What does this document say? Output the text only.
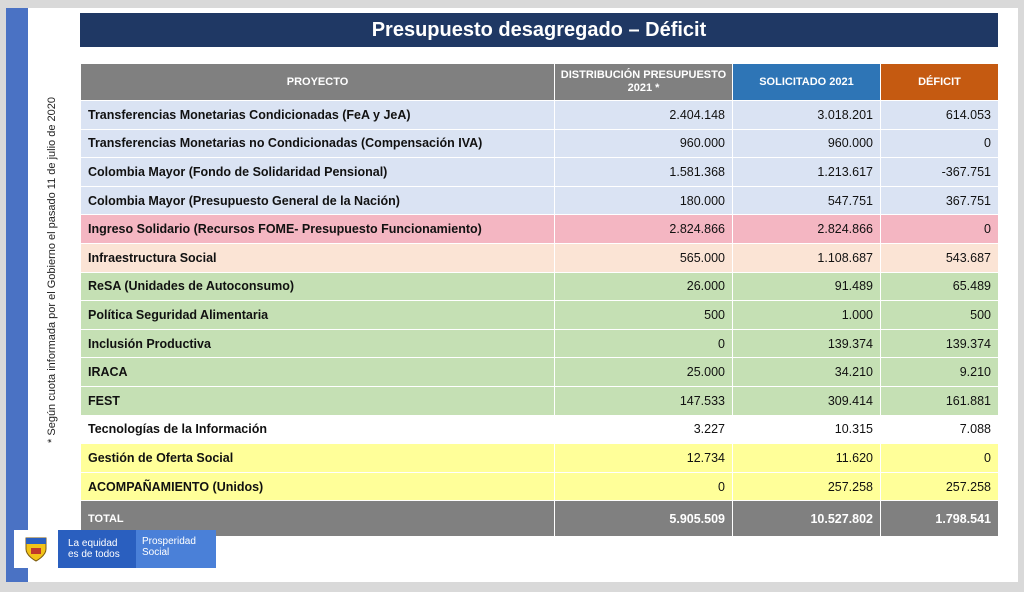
* Según cuota informada por el Gobierno el pasado 11 de julio de 2020
Presupuesto desagregado – Déficit
PROYECTO	DISTRIBUCIÓN PRESUPUESTO 2021 *	SOLICITADO 2021	DÉFICIT
Transferencias Monetarias Condicionadas (FeA y JeA)	2.404.148	3.018.201	614.053
Transferencias Monetarias no Condicionadas (Compensación IVA)	960.000	960.000	0
Colombia Mayor (Fondo de Solidaridad Pensional)	1.581.368	1.213.617	-367.751
Colombia Mayor (Presupuesto General de la Nación)	180.000	547.751	367.751
Ingreso Solidario (Recursos FOME- Presupuesto Funcionamiento)	2.824.866	2.824.866	0
Infraestructura Social	565.000	1.108.687	543.687
ReSA (Unidades de Autoconsumo)	26.000	91.489	65.489
Política Seguridad Alimentaria	500	1.000	500
Inclusión Productiva	0	139.374	139.374
IRACA	25.000	34.210	9.210
FEST	147.533	309.414	161.881
Tecnologías de la Información	3.227	10.315	7.088
Gestión de Oferta Social	12.734	11.620	0
ACOMPAÑAMIENTO (Unidos)	0	257.258	257.258
TOTAL	5.905.509	10.527.802	1.798.541
La equidad
es de todos
Prosperidad
Social
